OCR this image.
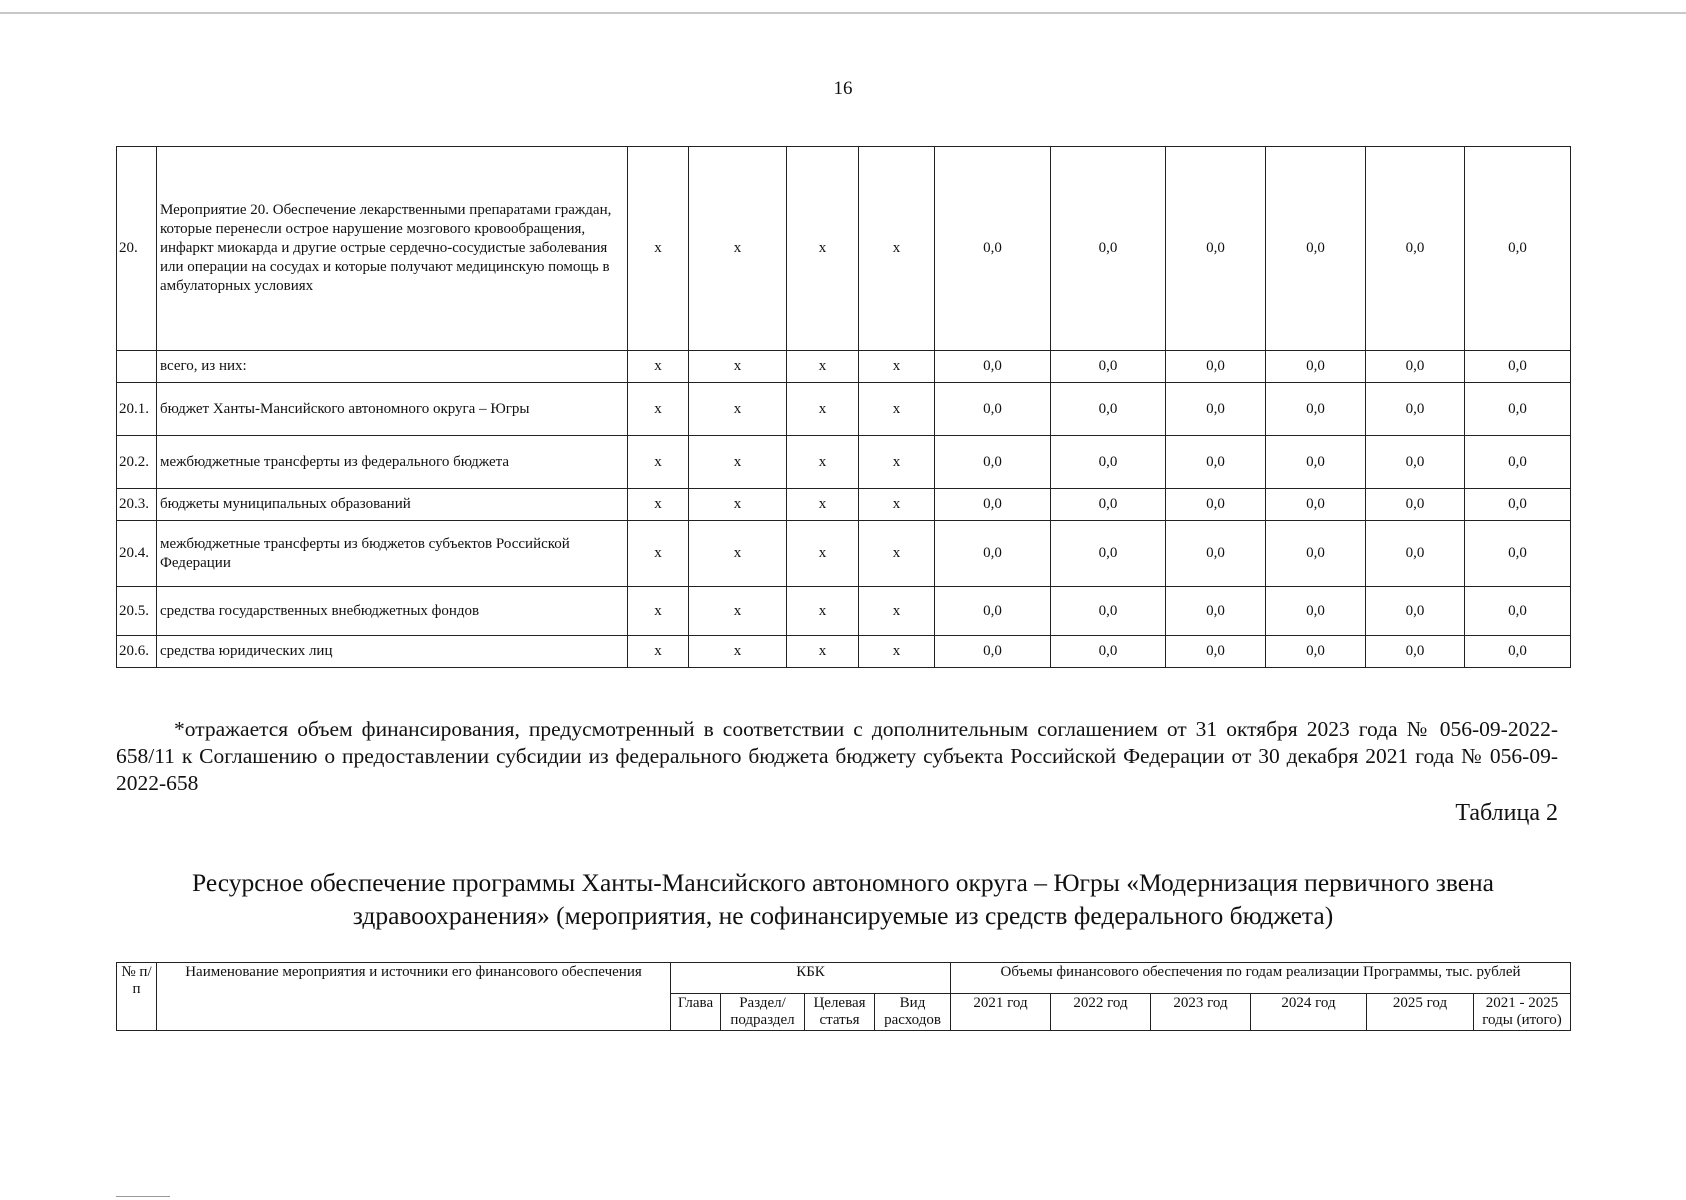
16
20.	Мероприятие 20. Обеспечение лекарственными препаратами граждан, которые перенесли острое нарушение мозгового кровообращения, инфаркт миокарда и другие острые сердечно-сосудистые заболевания или операции на сосудах и которые получают медицинскую помощь в амбулаторных условиях	x	x	x	x	0,0	0,0	0,0	0,0	0,0	0,0
	всего, из них:	x	x	x	x	0,0	0,0	0,0	0,0	0,0	0,0
20.1.	бюджет Ханты-Мансийского автономного округа – Югры	x	x	x	x	0,0	0,0	0,0	0,0	0,0	0,0
20.2.	межбюджетные трансферты из федерального бюджета	x	x	x	x	0,0	0,0	0,0	0,0	0,0	0,0
20.3.	бюджеты муниципальных образований	x	x	x	x	0,0	0,0	0,0	0,0	0,0	0,0
20.4.	межбюджетные трансферты из бюджетов субъектов Российской Федерации	x	x	x	x	0,0	0,0	0,0	0,0	0,0	0,0
20.5.	средства государственных внебюджетных фондов	x	x	x	x	0,0	0,0	0,0	0,0	0,0	0,0
20.6.	средства юридических лиц	x	x	x	x	0,0	0,0	0,0	0,0	0,0	0,0
*отражается объем финансирования, предусмотренный в соответствии с дополнительным соглашением от 31 октября 2023 года № 056-09-2022-658/11 к Соглашению о предоставлении субсидии из федерального бюджета бюджету субъекта Российской Федерации от 30 декабря 2021 года № 056-09-2022-658
Таблица 2
Ресурсное обеспечение программы Ханты-Мансийского автономного округа – Югры «Модернизация первичного звена здравоохранения» (мероприятия, не софинансируемые из средств федерального бюджета)
№ п/п	Наименование мероприятия и источники его финансового обеспечения	КБК				Объемы финансового обеспечения по годам реализации Программы, тыс. рублей					
		Глава	Раздел/ подраздел	Целевая статья	Вид расходов	2021 год	2022 год	2023 год	2024 год	2025 год	2021 - 2025 годы (итого)
